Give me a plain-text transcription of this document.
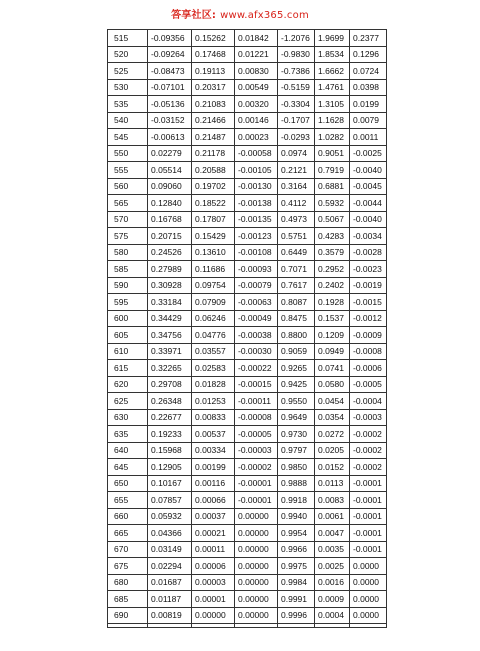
答享社区: www.afx365.com
515	-0.09356	0.15262	0.01842	-1.2076	1.9699	0.2377
520	-0.09264	0.17468	0.01221	-0.9830	1.8534	0.1296
525	-0.08473	0.19113	0.00830	-0.7386	1.6662	0.0724
530	-0.07101	0.20317	0.00549	-0.5159	1.4761	0.0398
535	-0.05136	0.21083	0.00320	-0.3304	1.3105	0.0199
540	-0.03152	0.21466	0.00146	-0.1707	1.1628	0.0079
545	-0.00613	0.21487	0.00023	-0.0293	1.0282	0.0011
550	0.02279	0.21178	-0.00058	0.0974	0.9051	-0.0025
555	0.05514	0.20588	-0.00105	0.2121	0.7919	-0.0040
560	0.09060	0.19702	-0.00130	0.3164	0.6881	-0.0045
565	0.12840	0.18522	-0.00138	0.4112	0.5932	-0.0044
570	0.16768	0.17807	-0.00135	0.4973	0.5067	-0.0040
575	0.20715	0.15429	-0.00123	0.5751	0.4283	-0.0034
580	0.24526	0.13610	-0.00108	0.6449	0.3579	-0.0028
585	0.27989	0.11686	-0.00093	0.7071	0.2952	-0.0023
590	0.30928	0.09754	-0.00079	0.7617	0.2402	-0.0019
595	0.33184	0.07909	-0.00063	0.8087	0.1928	-0.0015
600	0.34429	0.06246	-0.00049	0.8475	0.1537	-0.0012
605	0.34756	0.04776	-0.00038	0.8800	0.1209	-0.0009
610	0.33971	0.03557	-0.00030	0.9059	0.0949	-0.0008
615	0.32265	0.02583	-0.00022	0.9265	0.0741	-0.0006
620	0.29708	0.01828	-0.00015	0.9425	0.0580	-0.0005
625	0.26348	0.01253	-0.00011	0.9550	0.0454	-0.0004
630	0.22677	0.00833	-0.00008	0.9649	0.0354	-0.0003
635	0.19233	0.00537	-0.00005	0.9730	0.0272	-0.0002
640	0.15968	0.00334	-0.00003	0.9797	0.0205	-0.0002
645	0.12905	0.00199	-0.00002	0.9850	0.0152	-0.0002
650	0.10167	0.00116	-0.00001	0.9888	0.0113	-0.0001
655	0.07857	0.00066	-0.00001	0.9918	0.0083	-0.0001
660	0.05932	0.00037	0.00000	0.9940	0.0061	-0.0001
665	0.04366	0.00021	0.00000	0.9954	0.0047	-0.0001
670	0.03149	0.00011	0.00000	0.9966	0.0035	-0.0001
675	0.02294	0.00006	0.00000	0.9975	0.0025	0.0000
680	0.01687	0.00003	0.00000	0.9984	0.0016	0.0000
685	0.01187	0.00001	0.00000	0.9991	0.0009	0.0000
690	0.00819	0.00000	0.00000	0.9996	0.0004	0.0000
